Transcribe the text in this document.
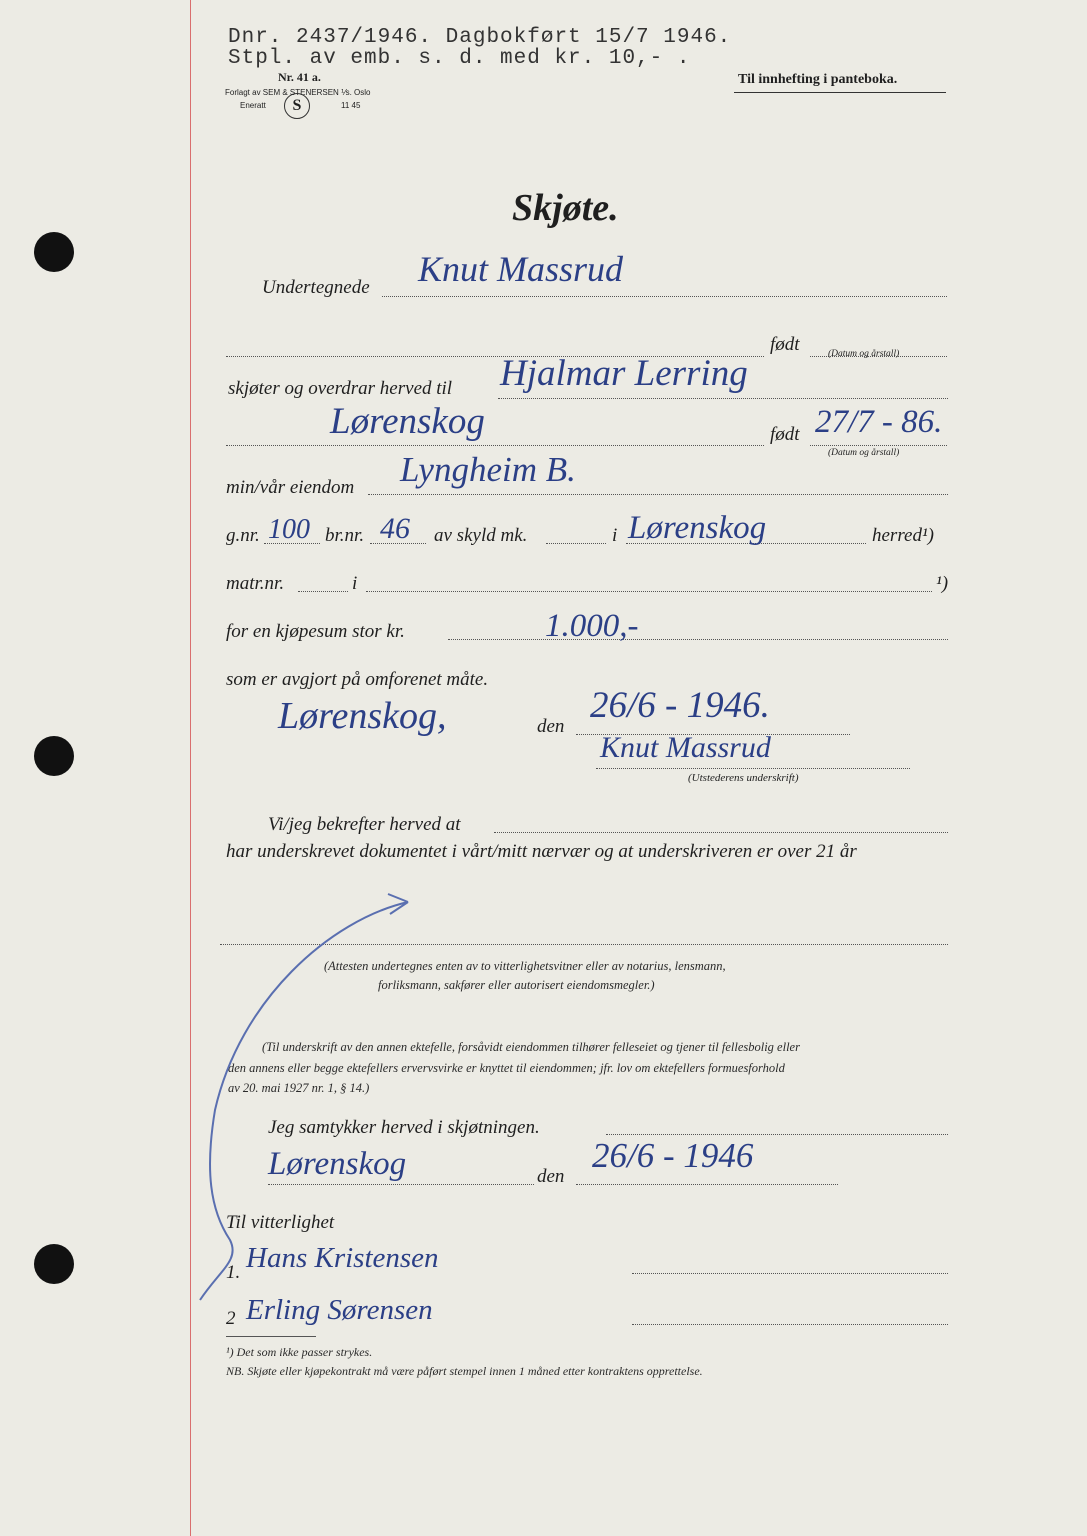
Dnr. 2437/1946. Dagbokført 15/7 1946.
Stpl. av emb. s. d. med kr. 10,- .
Nr. 41 a.
Forlagt av SEM & STENERSEN ⅟s. Oslo
Eneratt	S	11 45
Til innhefting i panteboka.
Skjøte.
Undertegnede Knut Massrud
født	(Datum og årstall)
skjøter og overdrar herved til Hjalmar Lerring
Lørenskog	født 27/7 - 86.
(Datum og årstall)
min/vår eiendom Lyngheim B.
g.nr. 100 br.nr. 46 av skyld mk.	i Lørenskog	herred¹)
matr.nr.	i	¹)
for en kjøpesum stor kr.	1.000,-
som er avgjort på omforenet måte.
Lørenskog,	den
26/6 - 1946.
Knut Massrud
(Utstederens underskrift)
Vi/jeg bekrefter herved at
har underskrevet dokumentet i vårt/mitt nærvær og at underskriveren er over 21 år
(Attesten undertegnes enten av to vitterlighetsvitner eller av notarius, lensmann,
forliksmann, sakfører eller autorisert eiendomsmegler.)
(Til underskrift av den annen ektefelle, forsåvidt eiendommen tilhører felleseiet og tjener til fellesbolig eller
den annens eller begge ektefellers ervervsvirke er knyttet til eiendommen; jfr. lov om ektefellers formuesforhold
av 20. mai 1927 nr. 1, § 14.)
Jeg samtykker herved i skjøtningen.
Lørenskog	den
26/6 - 1946
Til vitterlighet
1. Hans Kristensen
2 Erling Sørensen
¹) Det som ikke passer strykes.
NB. Skjøte eller kjøpekontrakt må være påført stempel innen 1 måned etter kontraktens opprettelse.
